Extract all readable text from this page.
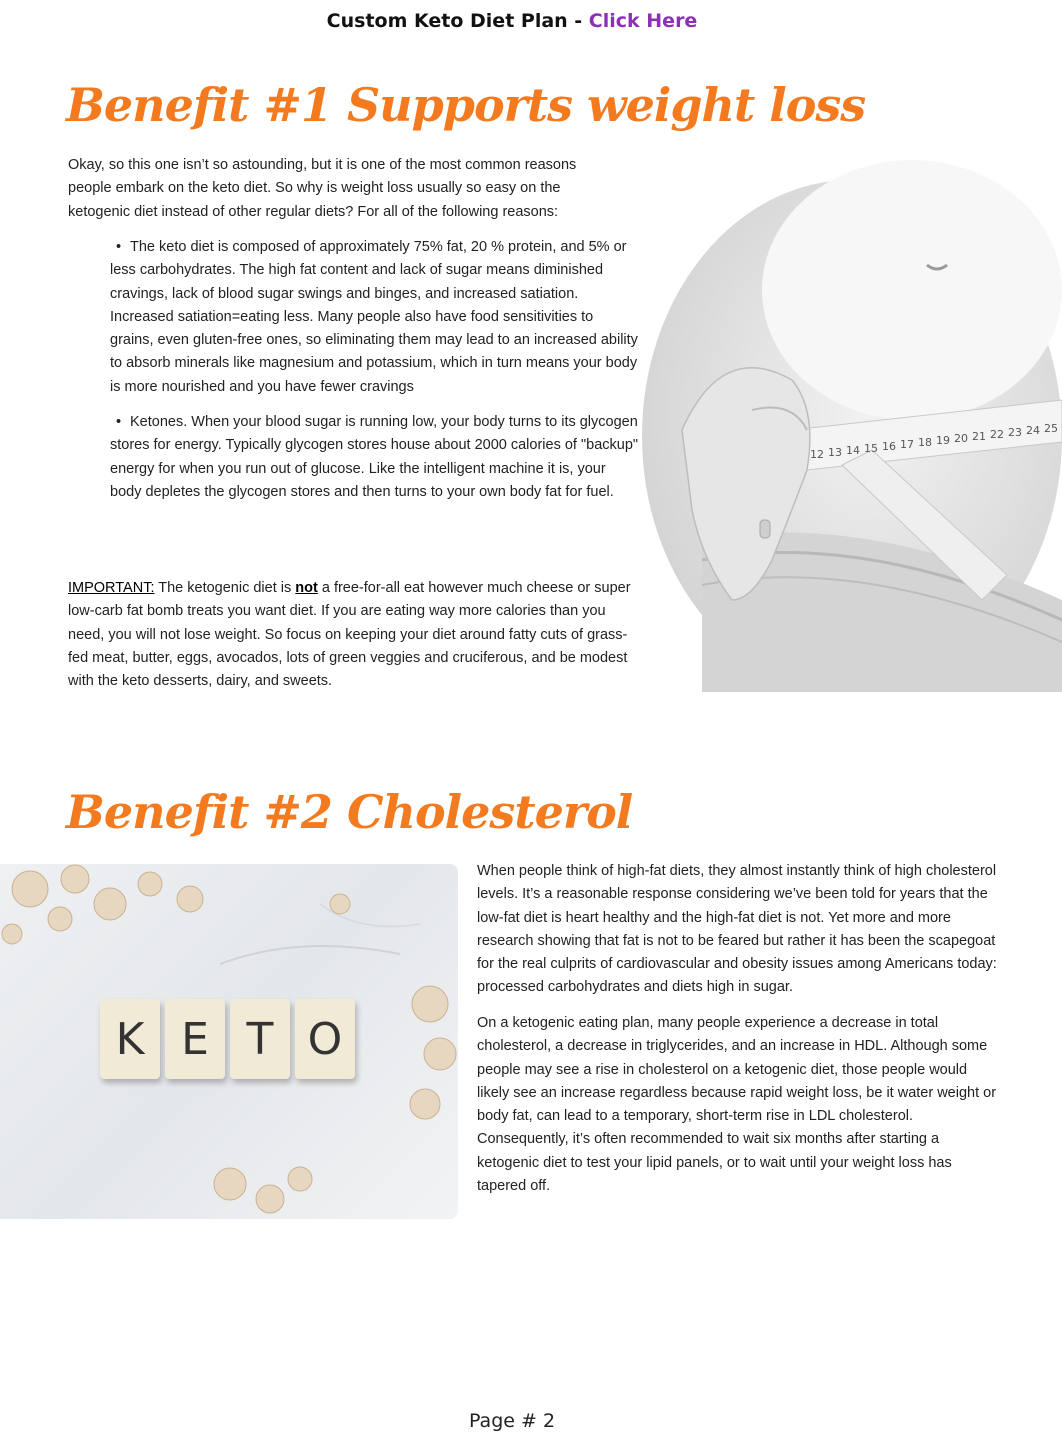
Custom Keto Diet Plan - Click Here
Benefit #1 Supports weight loss

Okay, so this one isn’t so astounding, but it is one of the most common reasons people embark on the keto diet. So why is weight loss usually so easy on the ketogenic diet instead of other regular diets? For all of the following reasons:

• The keto diet is composed of approximately 75% fat, 20 % protein, and 5% or less carbohydrates. The high fat content and lack of sugar means diminished cravings, lack of blood sugar swings and binges, and increased satiation. Increased satiation=eating less. Many people also have food sensitivities to grains, even gluten-free ones, so eliminating them may lead to an increased ability to absorb minerals like magnesium and potassium, which in turn means your body is more nourished and you have fewer cravings
• Ketones. When your blood sugar is running low, your body turns to its glycogen stores for energy. Typically glycogen stores house about 2000 calories of "backup" energy for when you run out of glucose. Like the intelligent machine it is, your body depletes the glycogen stores and then turns to your own body fat for fuel.

IMPORTANT: The ketogenic diet is not a free-for-all eat however much cheese or super low-carb fat bomb treats you want diet. If you are eating way more calories than you need, you will not lose weight. So focus on keeping your diet around fatty cuts of grass-fed meat, butter, eggs, avocados, lots of green veggies and cruciferous, and be modest with the keto desserts, dairy, and sweets.

12 13 14 15 16 17 18 19 20 21 22 23 24 25
Benefit #2 Cholesterol
K E T O

When people think of high-fat diets, they almost instantly think of high cholesterol levels. It’s a reasonable response considering we’ve been told for years that the low-fat diet is heart healthy and the high-fat diet is not. Yet more and more research showing that fat is not to be feared but rather it has been the scapegoat for the real culprits of cardiovascular and obesity issues among Americans today: processed carbohydrates and diets high in sugar.

On a ketogenic eating plan, many people experience a decrease in total cholesterol, a decrease in triglycerides, and an increase in HDL. Although some people may see a rise in cholesterol on a ketogenic diet, those people would likely see an increase regardless because rapid weight loss, be it water weight or body fat, can lead to a temporary, short-term rise in LDL cholesterol. Consequently, it’s often recommended to wait six months after starting a ketogenic diet to test your lipid panels, or to wait until your weight loss has tapered off.

Page # 2
